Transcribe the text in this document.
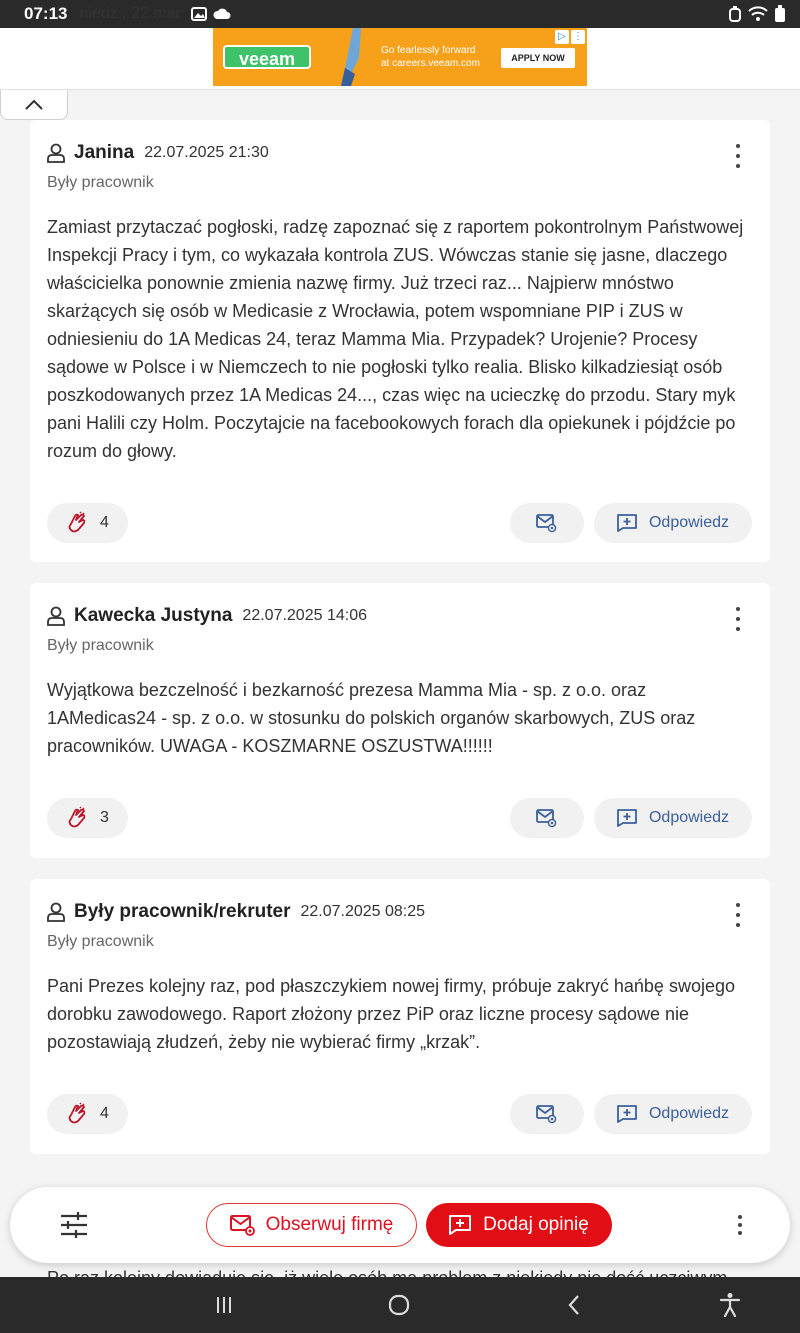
07:13 niedz., 22 mar
veeam	Go fearlessly forward
at careers.veeam.com	APPLY NOW
▷ ⋮
Janina 22.07.2025 21:30
Były pracownik
Zamiast przytaczać pogłoski, radzę zapoznać się z raportem pokontrolnym Państwowej Inspekcji Pracy i tym, co wykazała kontrola ZUS. Wówczas stanie się jasne, dlaczego właścicielka ponownie zmienia nazwę firmy. Już trzeci raz... Najpierw mnóstwo skarżących się osób w Medicasie z Wrocławia, potem wspomniane PIP i ZUS w odniesieniu do 1A Medicas 24, teraz Mamma Mia. Przypadek? Urojenie? Procesy sądowe w Polsce i w Niemczech to nie pogłoski tylko realia. Blisko kilkadziesiąt osób poszkodowanych przez 1A Medicas 24..., czas więc na ucieczkę do przodu. Stary myk pani Halili czy Holm. Poczytajcie na facebookowych forach dla opiekunek i pójdźcie po rozum do głowy.
4	Odpowiedz
Kawecka Justyna 22.07.2025 14:06
Były pracownik
Wyjątkowa bezczelność i bezkarność prezesa Mamma Mia - sp. z o.o. oraz 1AMedicas24 - sp. z o.o. w stosunku do polskich organów skarbowych, ZUS oraz pracowników. UWAGA - KOSZMARNE OSZUSTWA!!!!!!
3	Odpowiedz
Były pracownik/rekruter 22.07.2025 08:25
Były pracownik
Pani Prezes kolejny raz, pod płaszczykiem nowej firmy, próbuje zakryć hańbę swojego dorobku zawodowego. Raport złożony przez PiP oraz liczne procesy sądowe nie pozostawiają złudzeń, żeby nie wybierać firmy „krzak”.
4	Odpowiedz
Obserwuj firmę	Dodaj opinię
